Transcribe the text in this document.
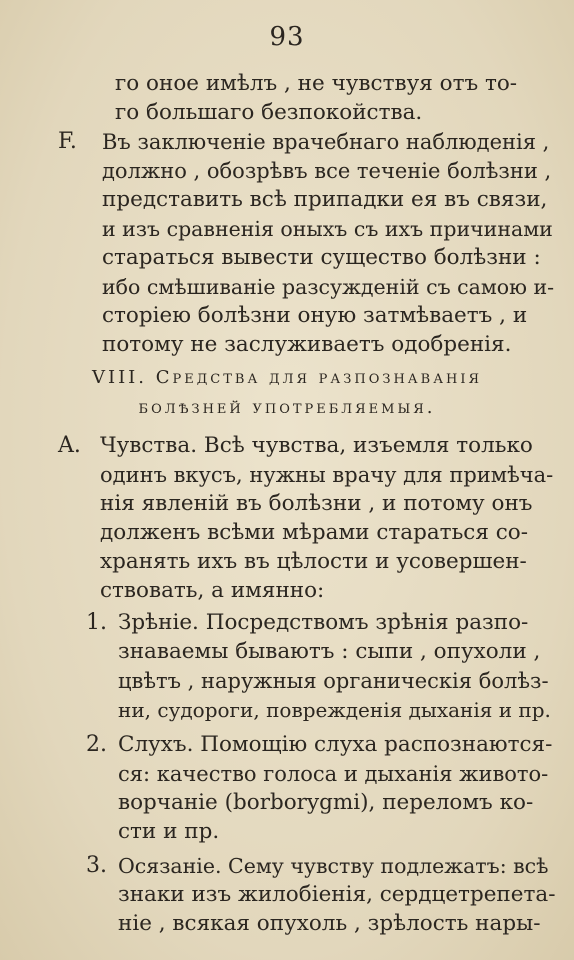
93
го оное имѣлъ , не чувствуя отъ то-
го большаго безпокойства.
F. Въ заключеніе врачебнаго наблюденія ,
должно , обозрѣвъ все теченіе болѣзни ,
представить всѣ припадки ея въ связи,
и изъ сравненія оныхъ съ ихъ причинами
стараться вывести существо болѣзни :
ибо смѣшиваніе разсужденій съ самою и-
сторіею болѣзни оную затмѣваетъ , и
потому не заслуживаетъ одобренія.
VIII. Средства для разпознаванія
болѣзней употребляемыя.
A. Чувства. Всѣ чувства, изъемля только
одинъ вкусъ, нужны врачу для примѣча-
нія явленій въ болѣзни , и потому онъ
долженъ всѣми мѣрами стараться со-
хранять ихъ въ цѣлости и усовершен-
ствовать, а имянно:
1. Зрѣніе. Посредствомъ зрѣнія разпо-
знаваемы бываютъ : сыпи , опухоли ,
цвѣтъ , наружныя органическія болѣз-
ни, судороги, поврежденія дыханія и пр.
2. Слухъ. Помощію слуха распознаются-
ся: качество голоса и дыханія живото-
ворчаніе (borborygmi), переломъ ко-
сти и пр.
3. Осязаніе. Сему чувству подлежатъ: всѣ
знаки изъ жилобіенія, сердцетрепета-
ніе , всякая опухоль , зрѣлость нары-
